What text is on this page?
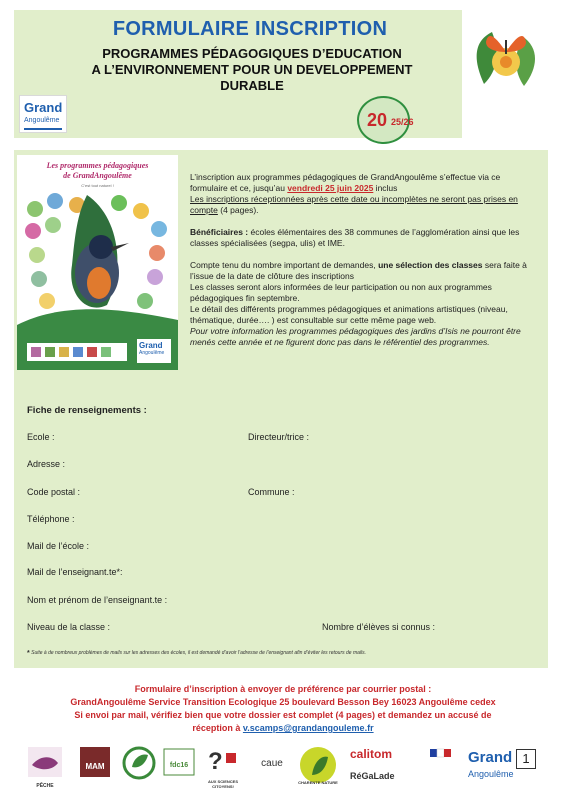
FORMULAIRE INSCRIPTION
PROGRAMMES PÉDAGOGIQUES D’EDUCATION
A L’ENVIRONNEMENT POUR UN DEVELOPPEMENT
DURABLE
Grand
Angoulême	20 25/26
Les programmes pédagogiques
de GrandAngoulême
C’est tout naturel !
Grand
Angoulême

L’inscription aux programmes pédagogiques de GrandAngoulême s’effectue via ce formulaire et ce, jusqu’au vendredi 25 juin 2025 inclus
Les inscriptions réceptionnées après cette date ou incomplètes ne seront pas prises en compte (4 pages).

Bénéficiaires : écoles élémentaires des 38 communes de l’agglomération ainsi que les classes spécialisées (segpa, ulis) et IME.

Compte tenu du nombre important de demandes, une sélection des classes sera faite à l’issue de la date de clôture des inscriptions
Les classes seront alors informées de leur participation ou non aux programmes pédagogiques fin septembre.
Le détail des différents programmes pédagogiques et animations artistiques (niveau, thématique, durée…. ) est consultable sur cette même page web.
Pour votre information les programmes pédagogiques des jardins d’Isis ne pourront être menés cette année et ne figurent donc pas dans le référentiel des programmes.

Fiche de renseignements :
Ecole :	Directeur/trice :
Adresse :
Code postal :	Commune :
Téléphone :
Mail de l’école :
Mail de l’enseignant.te*:
Nom et prénom de l’enseignant.te :
Niveau de la classe :	Nombre d’élèves si connus :
* Suite à de nombreux problèmes de mails sur les adresses des écoles, il est demandé d’avoir l’adresse de l’enseignant afin d’éviter les retours de mails.
Formulaire d’inscription à envoyer de préférence par courrier postal :
GrandAngoulême Service Transition Ecologique 25 boulevard Besson Bey 16023 Angoulême cedex
Si envoi par mail, vérifiez bien que votre dossier est complet (4 pages) et demandez un accusé de
réception à v.scamps@grandangouleme.fr
PÊCHE
MAM	fdc16 ?
AUX SCIENCES CITOYENS!
caue
CHARENTE NATURE
calitom
RéGaLade
Grand
Angoulême
1
